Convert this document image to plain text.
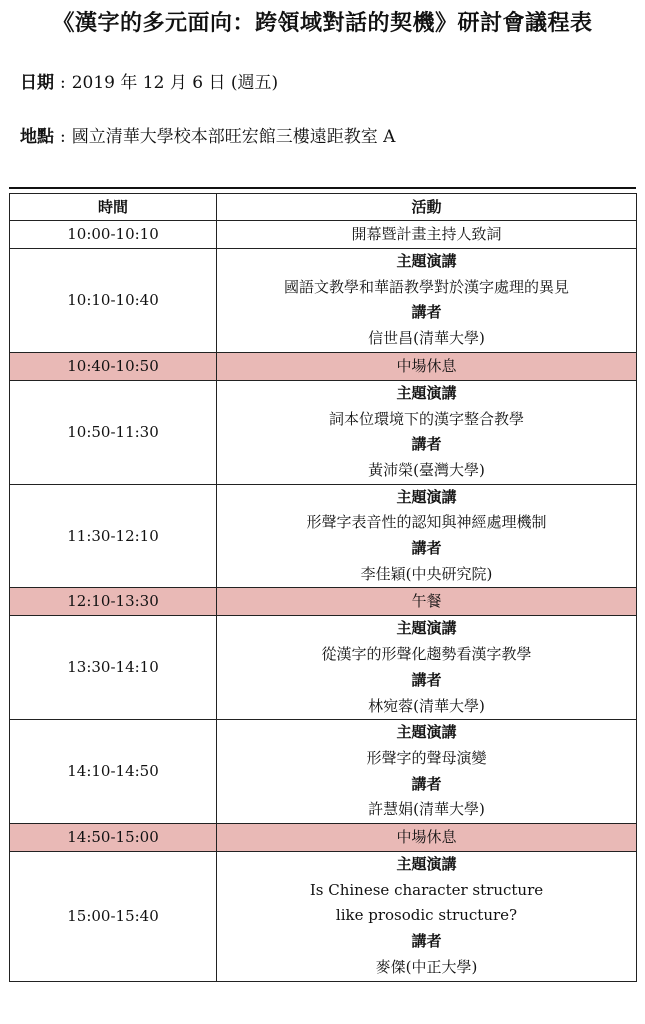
《漢字的多元面向：跨領域對話的契機》研討會議程表
日期 : 2019 年 12 月 6 日 (週五)
地點 : 國立清華大學校本部旺宏館三樓遠距教室 A
時間	活動
10:00-10:10	開幕暨計畫主持人致詞
10:10-10:40	主題演講
國語文教學和華語教學對於漢字處理的異見
講者
信世昌(清華大學)

10:40-10:50	中場休息
10:50-11:30	主題演講
詞本位環境下的漢字整合教學
講者
黃沛榮(臺灣大學)

11:30-12:10	主題演講
形聲字表音性的認知與神經處理機制
講者
李佳穎(中央研究院)

12:10-13:30	午餐
13:30-14:10	主題演講
從漢字的形聲化趨勢看漢字教學
講者
林宛蓉(清華大學)

14:10-14:50	主題演講
形聲字的聲母演變
講者
許慧娟(清華大學)

14:50-15:00	中場休息
15:00-15:40	主題演講
Is Chinese character structure
like prosodic structure?
講者
麥傑(中正大學)
